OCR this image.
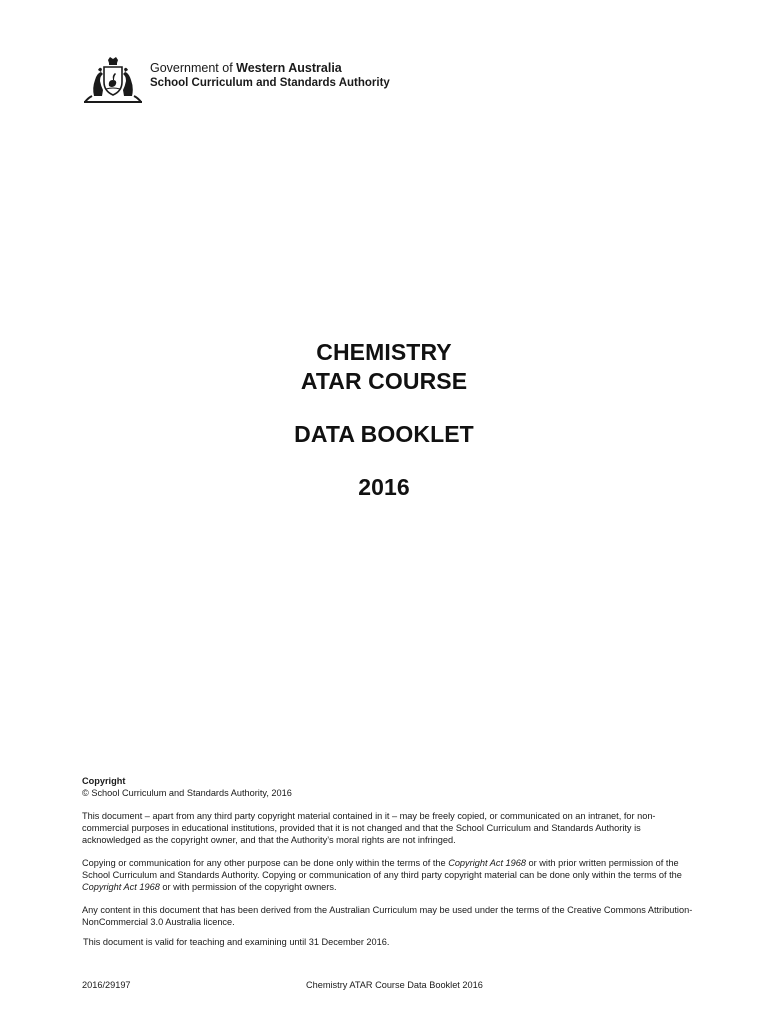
Government of Western Australia
School Curriculum and Standards Authority

CHEMISTRY

ATAR COURSE

DATA BOOKLET

2016

Copyright

© School Curriculum and Standards Authority, 2016

This document – apart from any third party copyright material contained in it – may be freely copied, or communicated on an intranet, for non-commercial purposes in educational institutions, provided that it is not changed and that the School Curriculum and Standards Authority is acknowledged as the copyright owner, and that the Authority’s moral rights are not infringed.

Copying or communication for any other purpose can be done only within the terms of the Copyright Act 1968 or with prior written permission of the School Curriculum and Standards Authority. Copying or communication of any third party copyright material can be done only within the terms of the Copyright Act 1968 or with permission of the copyright owners.

Any content in this document that has been derived from the Australian Curriculum may be used under the terms of the Creative Commons Attribution-NonCommercial 3.0 Australia licence.

This document is valid for teaching and examining until 31 December 2016.

2016/29197	Chemistry ATAR Course Data Booklet 2016
